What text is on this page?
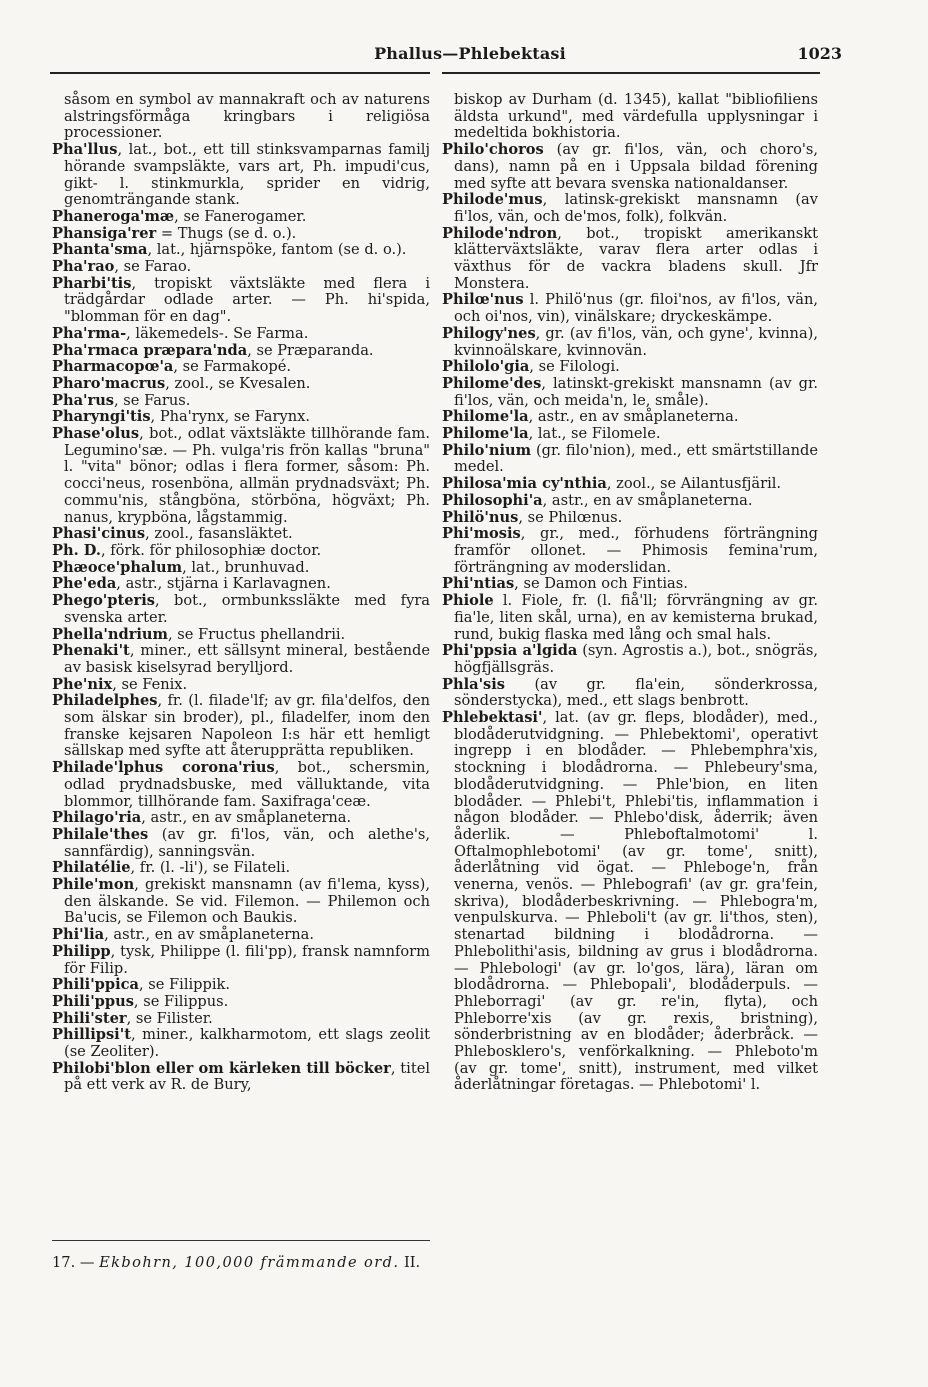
Phallus—Phlebektasi	1023

såsom en symbol av mannakraft och av naturens alstringsförmåga kringbars i religiösa processioner.

Pha'llus, lat., bot., ett till stinksvamparnas familj hörande svampsläkte, vars art, Ph. impudi'cus, gikt- l. stinkmurkla, sprider en vidrig, genomträngande stank.

Phaneroga'mæ, se Fanerogamer.

Phansiga'rer = Thugs (se d. o.).

Phanta'sma, lat., hjärnspöke, fantom (se d. o.).

Pha'rao, se Farao.

Pharbi'tis, tropiskt växtsläkte med flera i trädgårdar odlade arter. — Ph. hi'spida, "blomman för en dag".

Pha'rma-, läkemedels-. Se Farma.

Pha'rmaca præpara'nda, se Præparanda.

Pharmacopœ'a, se Farmakopé.

Pharo'macrus, zool., se Kvesalen.

Pha'rus, se Farus.

Pharyngi'tis, Pha'rynx, se Farynx.

Phase'olus, bot., odlat växtsläkte tillhörande fam. Legumino'sæ. — Ph. vulga'ris frön kallas "bruna" l. "vita" bönor; odlas i flera former, såsom: Ph. cocci'neus, rosenböna, allmän prydnadsväxt; Ph. commu'nis, stångböna, störböna, högväxt; Ph. nanus, krypböna, lågstammig.

Phasi'cinus, zool., fasansläktet.

Ph. D., förk. för philosophiæ doctor.

Phæoce'phalum, lat., brunhuvad.

Phe'eda, astr., stjärna i Karlavagnen.

Phego'pteris, bot., ormbunkssläkte med fyra svenska arter.

Phella'ndrium, se Fructus phellandrii.

Phenaki't, miner., ett sällsynt mineral, bestående av basisk kiselsyrad berylljord.

Phe'nix, se Fenix.

Philadelphes, fr. (l. filade'lf; av gr. fila'delfos, den som älskar sin broder), pl., filadelfer, inom den franske kejsaren Napoleon I:s här ett hemligt sällskap med syfte att återupprätta republiken.

Philade'lphus corona'rius, bot., schersmin, odlad prydnadsbuske, med välluktande, vita blommor, tillhörande fam. Saxifraga'ceæ.

Philago'ria, astr., en av småplaneterna.

Philale'thes (av gr. fi'los, vän, och alethe's, sannfärdig), sanningsvän.

Philatélie, fr. (l. -li'), se Filateli.

Phile'mon, grekiskt mansnamn (av fi'lema, kyss), den älskande. Se vid. Filemon. — Philemon och Ba'ucis, se Filemon och Baukis.

Phi'lia, astr., en av småplaneterna.

Philipp, tysk, Philippe (l. fili'pp), fransk namnform för Filip.

Phili'ppica, se Filippik.

Phili'ppus, se Filippus.

Phili'ster, se Filister.

Phillipsi't, miner., kalkharmotom, ett slags zeolit (se Zeoliter).

Philobi'blon eller om kärleken till böcker, titel på ett verk av R. de Bury,

biskop av Durham (d. 1345), kallat "bibliofiliens äldsta urkund", med värdefulla upplysningar i medeltida bokhistoria.

Philo'choros (av gr. fi'los, vän, och choro's, dans), namn på en i Uppsala bildad förening med syfte att bevara svenska nationaldanser.

Philode'mus, latinsk-grekiskt mansnamn (av fi'los, vän, och de'mos, folk), folkvän.

Philode'ndron, bot., tropiskt amerikanskt klätterväxtsläkte, varav flera arter odlas i växthus för de vackra bladens skull. Jfr Monstera.

Philœ'nus l. Philö'nus (gr. filoi'nos, av fi'los, vän, och oi'nos, vin), vinälskare; dryckeskämpe.

Philogy'nes, gr. (av fi'los, vän, och gyne', kvinna), kvinnoälskare, kvinnovän.

Philolo'gia, se Filologi.

Philome'des, latinskt-grekiskt mansnamn (av gr. fi'los, vän, och meida'n, le, småle).

Philome'la, astr., en av småplaneterna.

Philome'la, lat., se Filomele.

Philo'nium (gr. filo'nion), med., ett smärtstillande medel.

Philosa'mia cy'nthia, zool., se Ailantusfjäril.

Philosophi'a, astr., en av småplaneterna.

Philö'nus, se Philœnus.

Phi'mosis, gr., med., förhudens förträngning framför ollonet. — Phimosis femina'rum, förträngning av moderslidan.

Phi'ntias, se Damon och Fintias.

Phiole l. Fiole, fr. (l. fiå'll; förvrängning av gr. fia'le, liten skål, urna), en av kemisterna brukad, rund, bukig flaska med lång och smal hals.

Phi'ppsia a'lgida (syn. Agrostis a.), bot., snögräs, högfjällsgräs.

Phla'sis (av gr. fla'ein, sönderkrossa, sönderstycka), med., ett slags benbrott.

Phlebektasi', lat. (av gr. fleps, blodåder), med., blodåderutvidgning. — Phlebektomi', operativt ingrepp i en blodåder. — Phlebemphra'xis, stockning i blodådrorna. — Phlebeury'sma, blodåderutvidgning. — Phle'bion, en liten blodåder. — Phlebi't, Phlebi'tis, inflammation i någon blodåder. — Phlebo'disk, åderrik; även åderlik. — Phleboftalmotomi' l. Oftalmophlebotomi' (av gr. tome', snitt), åderlåtning vid ögat. — Phleboge'n, från venerna, venös. — Phlebografi' (av gr. gra'fein, skriva), blodåderbeskrivning. — Phlebogra'm, venpulskurva. — Phleboli't (av gr. li'thos, sten), stenartad bildning i blodådrorna. — Phlebolithi'asis, bildning av grus i blodådrorna. — Phlebologi' (av gr. lo'gos, lära), läran om blodådrorna. — Phlebopali', blodåderpuls. — Phleborragi' (av gr. re'in, flyta), och Phleborre'xis (av gr. rexis, bristning), sönderbristning av en blodåder; åderbråck. — Phlebosklero's, venförkalkning. — Phleboto'm (av gr. tome', snitt), instrument, med vilket åderlåtningar företagas. — Phlebotomi' l.

17. — Ekbohrn, 100,000 främmande ord. II.
